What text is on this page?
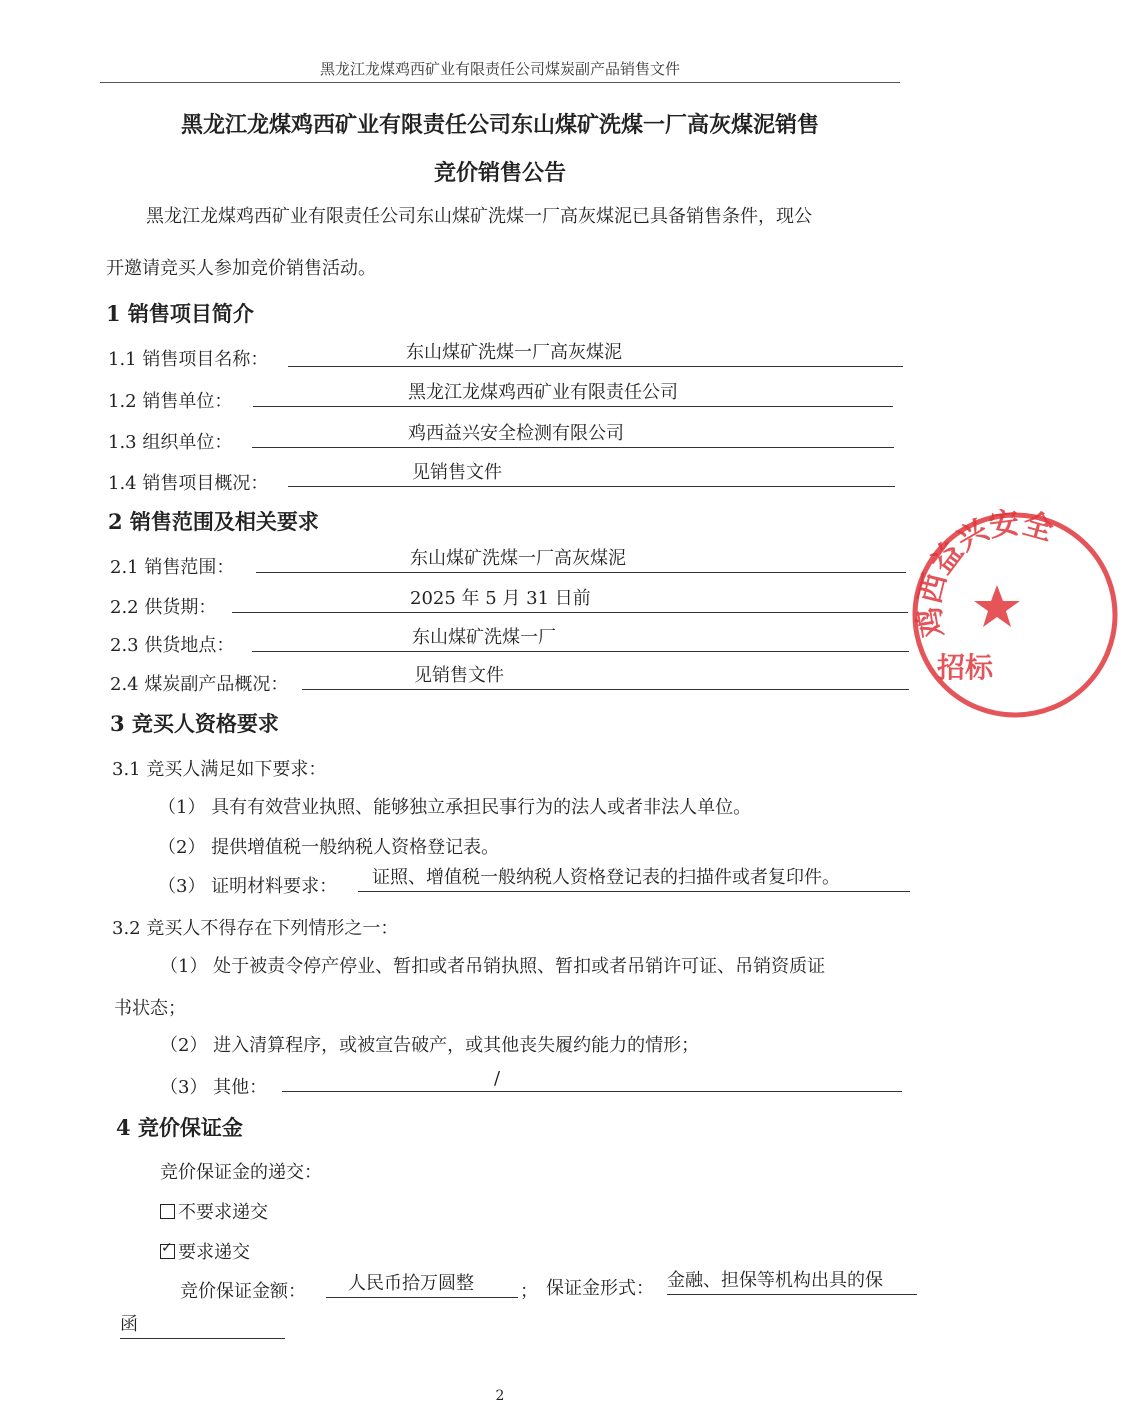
黑龙江龙煤鸡西矿业有限责任公司煤炭副产品销售文件
黑龙江龙煤鸡西矿业有限责任公司东山煤矿洗煤一厂高灰煤泥销售
竞价销售公告
黑龙江龙煤鸡西矿业有限责任公司东山煤矿洗煤一厂高灰煤泥已具备销售条件，现公
开邀请竞买人参加竞价销售活动。
1 销售项目简介
1.1 销售项目名称：	东山煤矿洗煤一厂高灰煤泥
1.2 销售单位：	黑龙江龙煤鸡西矿业有限责任公司
1.3 组织单位：	鸡西益兴安全检测有限公司
1.4 销售项目概况：
见销售文件
2 销售范围及相关要求
2.1 销售范围：	东山煤矿洗煤一厂高灰煤泥
2.2 供货期：	2025 年 5 月 31 日前
2.3 供货地点：	东山煤矿洗煤一厂
2.4 煤炭副产品概况：	见销售文件
3 竞买人资格要求
3.1 竞买人满足如下要求：
（1） 具有有效营业执照、能够独立承担民事行为的法人或者非法人单位。
（2） 提供增值税一般纳税人资格登记表。
（3） 证明材料要求： 证照、增值税一般纳税人资格登记表的扫描件或者复印件。
3.2 竞买人不得存在下列情形之一：
（1） 处于被责令停产停业、暂扣或者吊销执照、暂扣或者吊销许可证、吊销资质证
书状态；
（2） 进入清算程序，或被宣告破产，或其他丧失履约能力的情形；
（3） 其他：	/
4 竞价保证金
竞价保证金的递交：
不要求递交
✓要求递交
竞价保证金额： 人民币拾万圆整	； 保证金形式： 金融、担保等机构出具的保
函
鸡西益兴安全
招标
2
